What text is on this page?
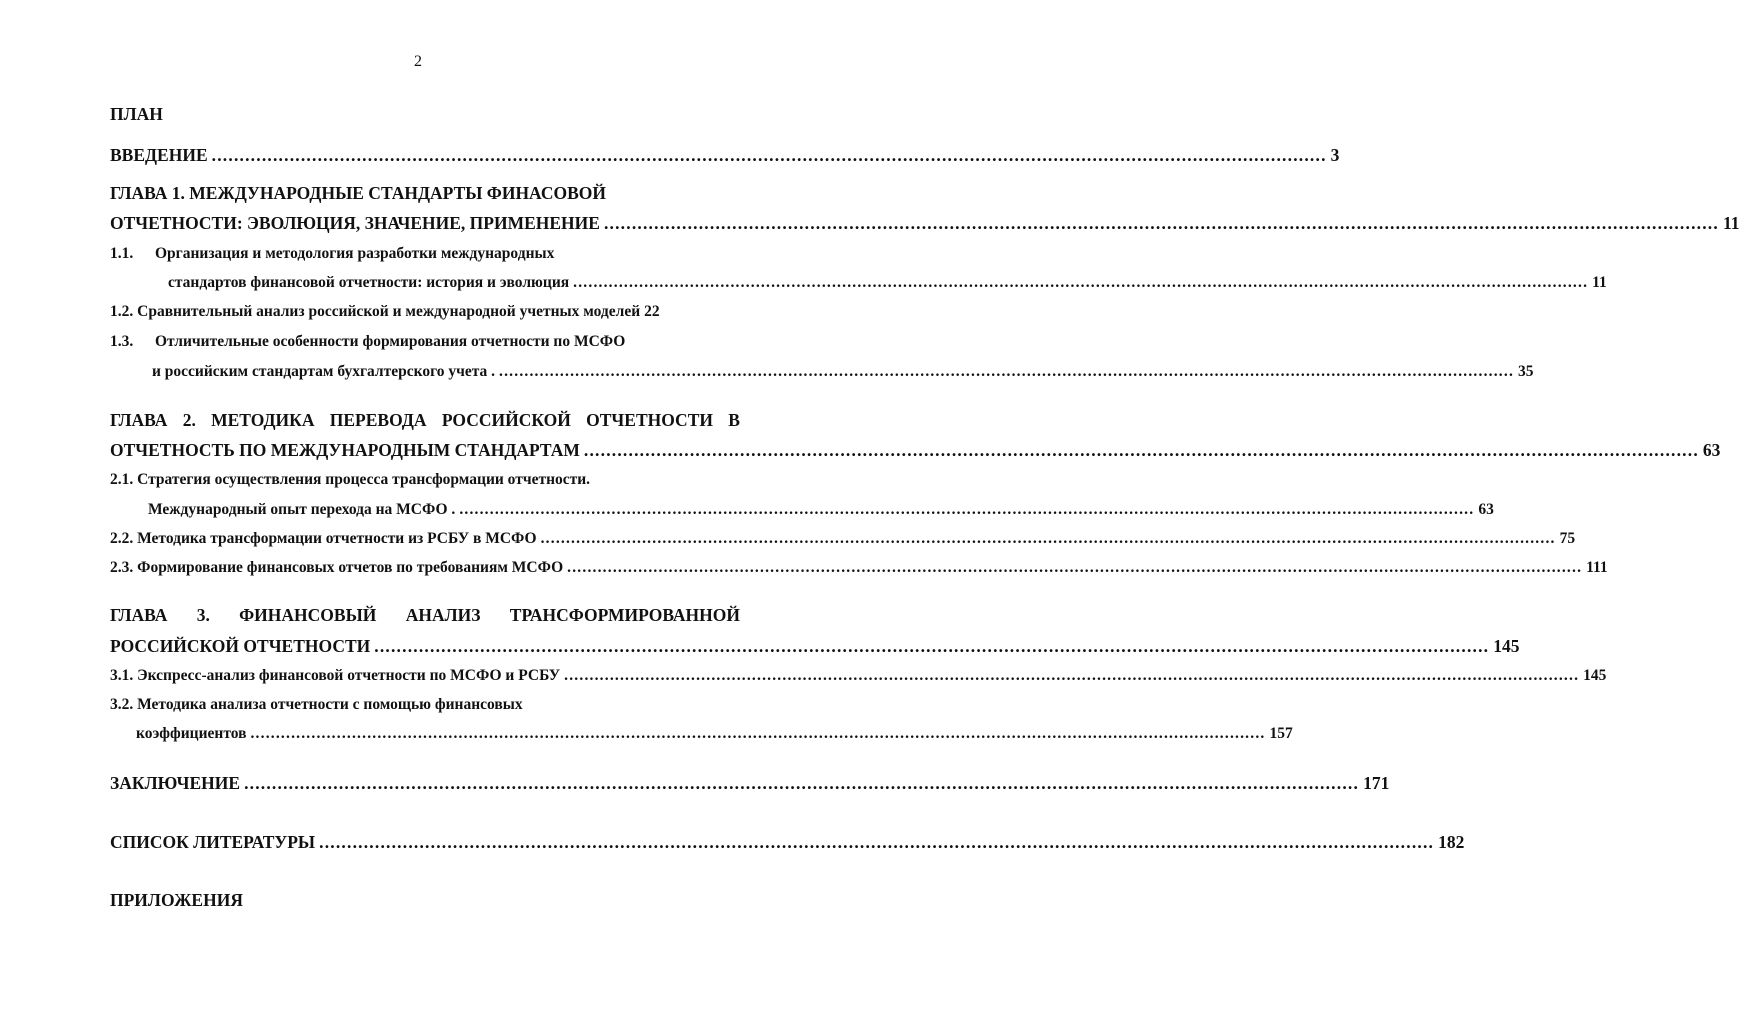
2
ПЛАН
ВВЕДЕНИЕ ........................................................................................................................................................................................................ 3
ГЛАВА 1. МЕЖДУНАРОДНЫЕ СТАНДАРТЫ ФИНАСОВОЙ
ОТЧЕТНОСТИ: ЭВОЛЮЦИЯ, ЗНАЧЕНИЕ, ПРИМЕНЕНИЕ ........................................................................................................................................................................................................ 11
1.1. Организация и методология разработки международных
стандартов финансовой отчетности: история и эволюция ........................................................................................................................................................................................................ 11
1.2. Сравнительный анализ российской и международной учетных моделей 22
1.3. Отличительные особенности формирования отчетности по МСФО
и российским стандартам бухгалтерского учета . ........................................................................................................................................................................................................ 35
ГЛАВА 2. МЕТОДИКА ПЕРЕВОДА РОССИЙСКОЙ ОТЧЕТНОСТИ В
ОТЧЕТНОСТЬ ПО МЕЖДУНАРОДНЫМ СТАНДАРТАМ ........................................................................................................................................................................................................ 63
2.1. Стратегия осуществления процесса трансформации отчетности.
Международный опыт перехода на МСФО . ........................................................................................................................................................................................................ 63
2.2. Методика трансформации отчетности из РСБУ в МСФО ........................................................................................................................................................................................................ 75
2.3. Формирование финансовых отчетов по требованиям МСФО ........................................................................................................................................................................................................ 111
ГЛАВА 3. ФИНАНСОВЫЙ АНАЛИЗ ТРАНСФОРМИРОВАННОЙ
РОССИЙСКОЙ ОТЧЕТНОСТИ ........................................................................................................................................................................................................ 145
3.1. Экспресс-анализ финансовой отчетности по МСФО и РСБУ ........................................................................................................................................................................................................ 145
3.2. Методика анализа отчетности с помощью финансовых
коэффициентов ........................................................................................................................................................................................................ 157
ЗАКЛЮЧЕНИЕ ........................................................................................................................................................................................................ 171
СПИСОК ЛИТЕРАТУРЫ ........................................................................................................................................................................................................ 182
ПРИЛОЖЕНИЯ
